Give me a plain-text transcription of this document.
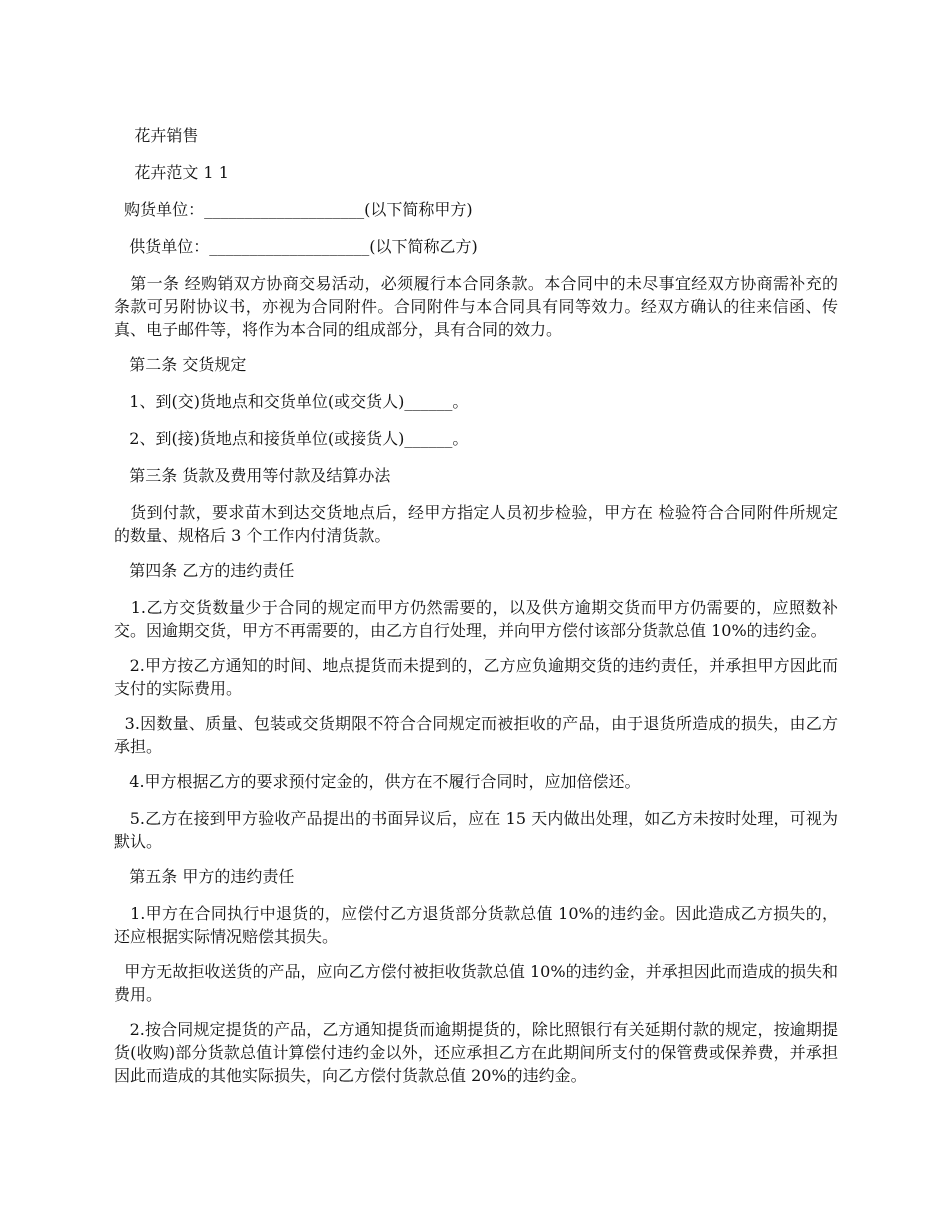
花卉销售

花卉范文 1 1

购货单位：____________________(以下简称甲方)

供货单位：____________________(以下简称乙方)

第一条 经购销双方协商交易活动，必须履行本合同条款。本合同中的未尽事宜经双方协商需补充的条款可另附协议书，亦视为合同附件。合同附件与本合同具有同等效力。经双方确认的往来信函、传真、电子邮件等，将作为本合同的组成部分，具有合同的效力。

第二条 交货规定

1、到(交)货地点和交货单位(或交货人)______。

2、到(接)货地点和接货单位(或接货人)______。

第三条 货款及费用等付款及结算办法

货到付款，要求苗木到达交货地点后，经甲方指定人员初步检验，甲方在 检验符合合同附件所规定的数量、规格后 3 个工作内付清货款。

第四条 乙方的违约责任

1.乙方交货数量少于合同的规定而甲方仍然需要的，以及供方逾期交货而甲方仍需要的，应照数补交。因逾期交货，甲方不再需要的，由乙方自行处理，并向甲方偿付该部分货款总值 10%的违约金。

2.甲方按乙方通知的时间、地点提货而未提到的，乙方应负逾期交货的违约责任，并承担甲方因此而支付的实际费用。

3.因数量、质量、包装或交货期限不符合合同规定而被拒收的产品，由于退货所造成的损失，由乙方承担。

4.甲方根据乙方的要求预付定金的，供方在不履行合同时，应加倍偿还。

5.乙方在接到甲方验收产品提出的书面异议后，应在 15 天内做出处理，如乙方未按时处理，可视为默认。

第五条 甲方的违约责任

1.甲方在合同执行中退货的，应偿付乙方退货部分货款总值 10%的违约金。因此造成乙方损失的，还应根据实际情况赔偿其损失。

甲方无故拒收送货的产品，应向乙方偿付被拒收货款总值 10%的违约金，并承担因此而造成的损失和费用。

2.按合同规定提货的产品，乙方通知提货而逾期提货的，除比照银行有关延期付款的规定，按逾期提货(收购)部分货款总值计算偿付违约金以外，还应承担乙方在此期间所支付的保管费或保养费，并承担因此而造成的其他实际损失，向乙方偿付货款总值 20%的违约金。
